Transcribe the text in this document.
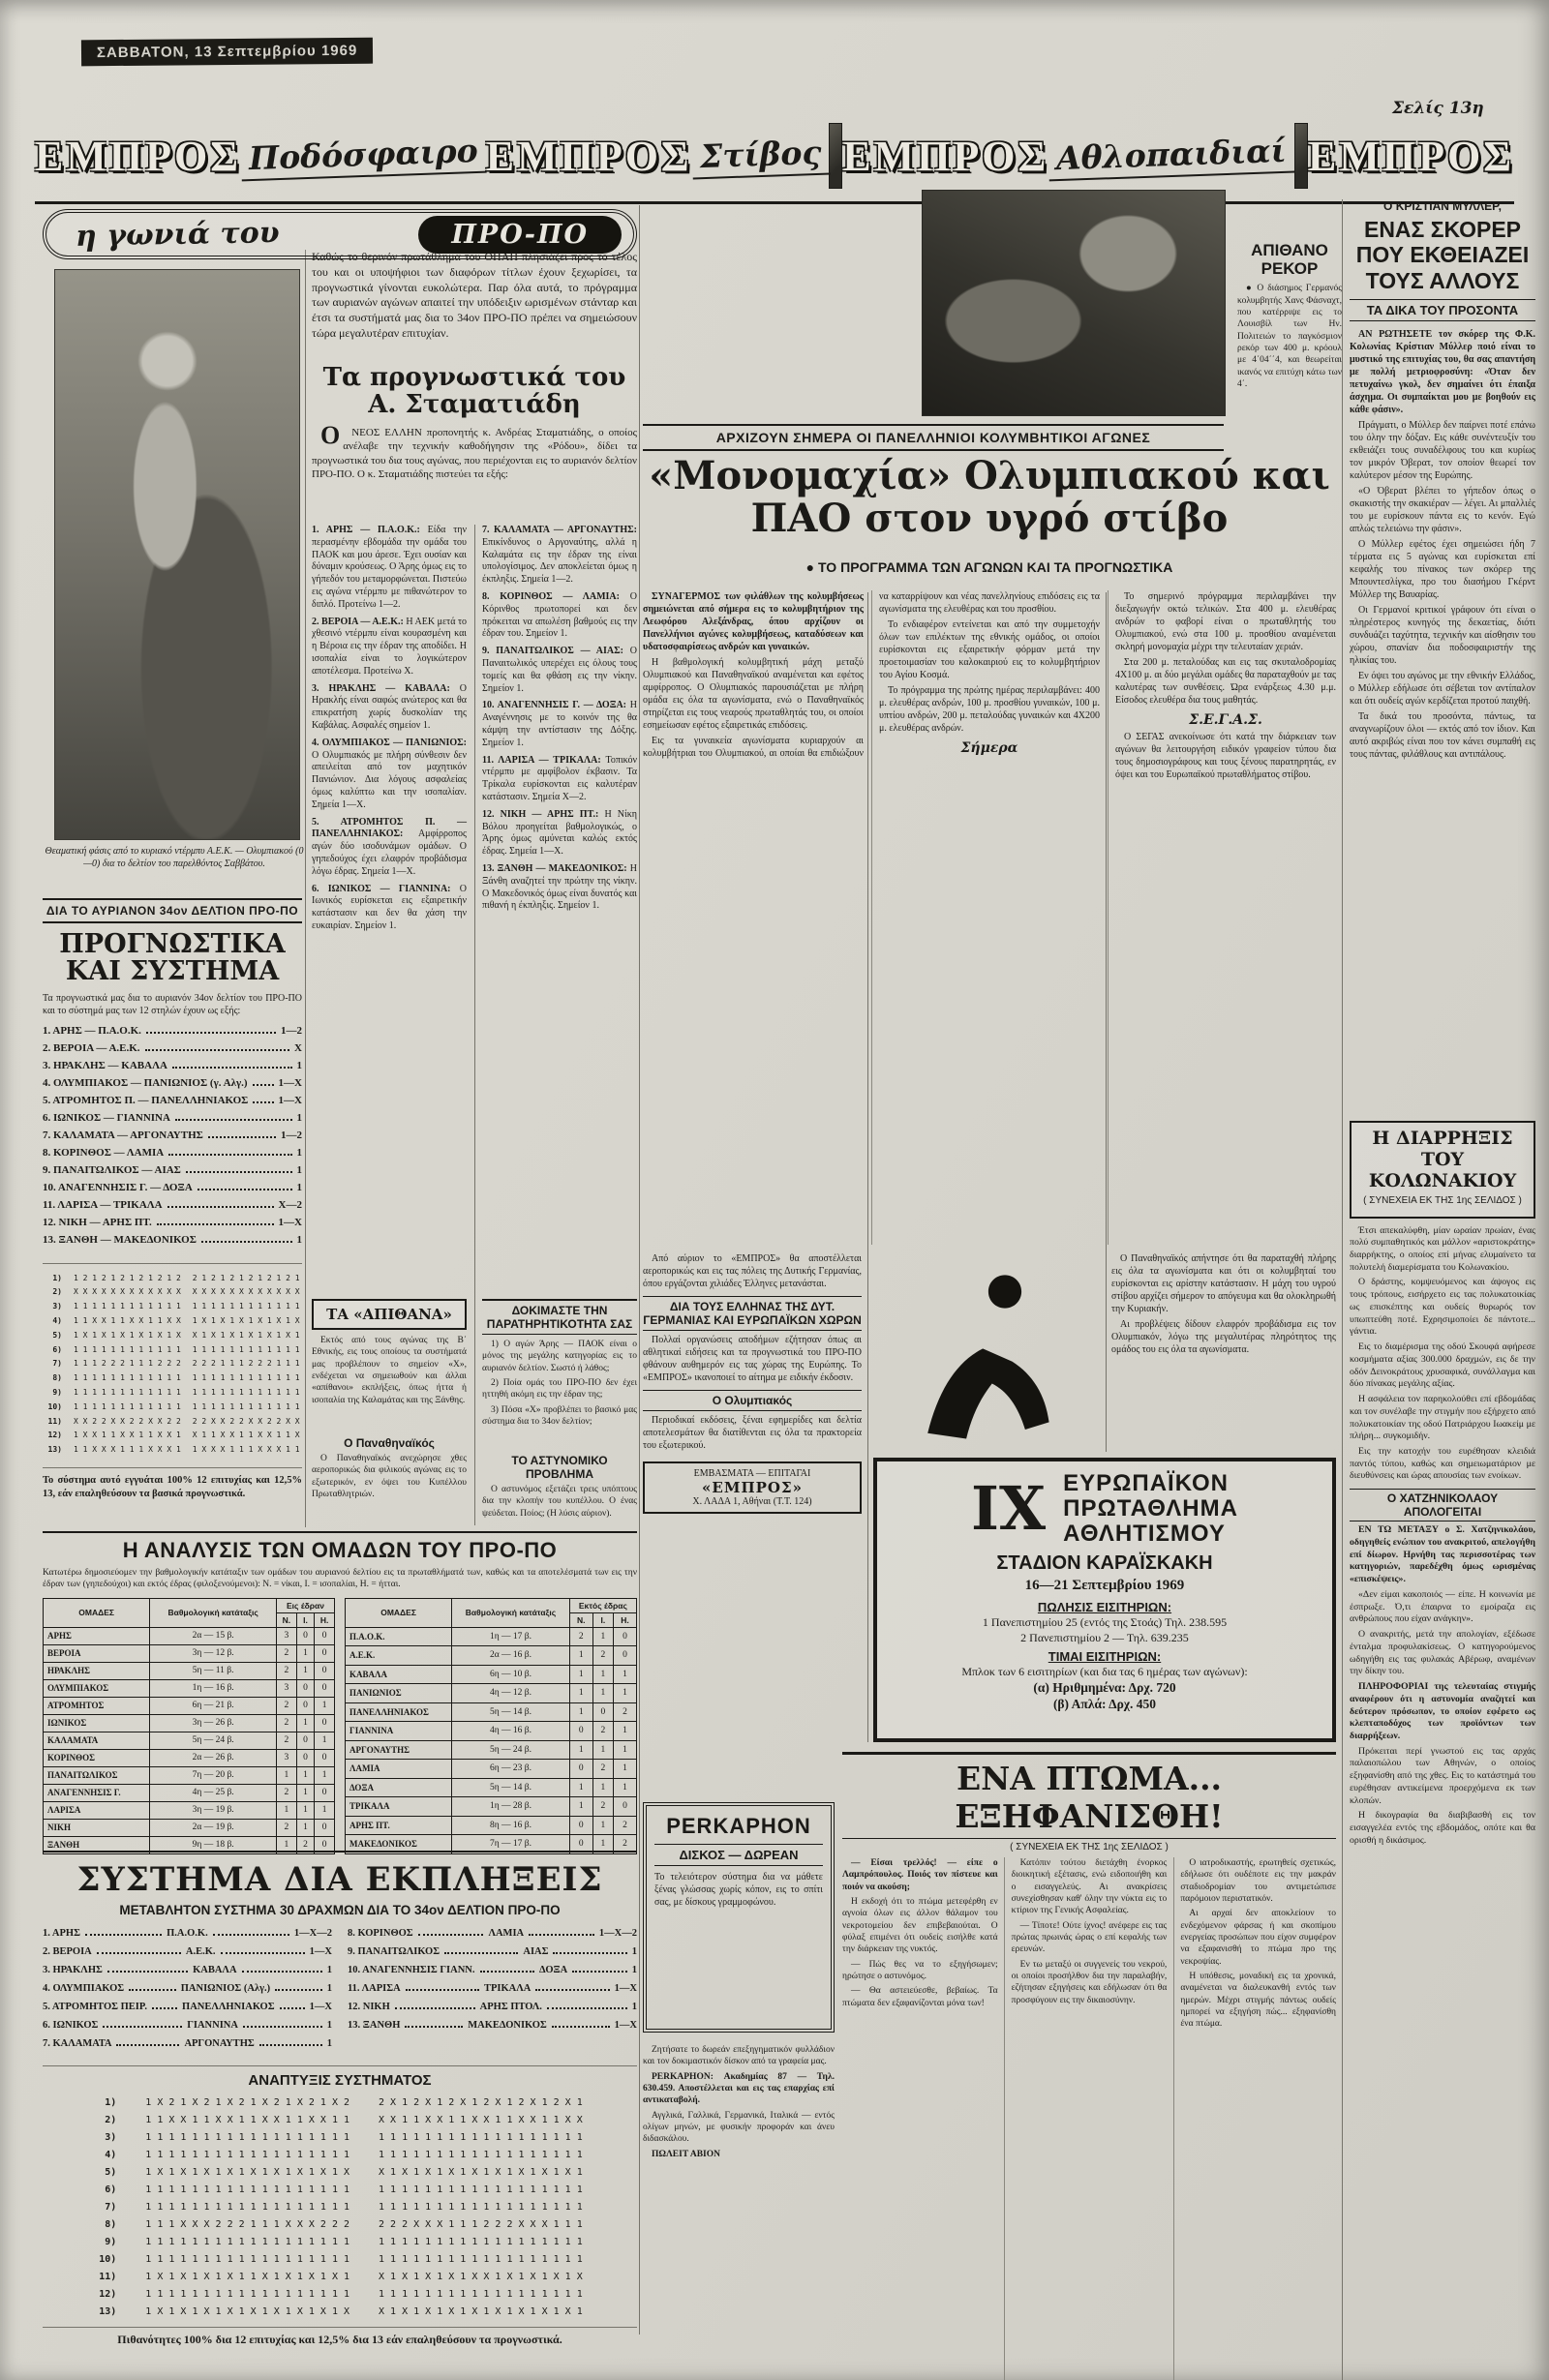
ΣΑΒΒΑΤΟΝ, 13 Σεπτεμβρίου 1969
Σελίς 13η
ΕΜΠΡΟΣ Ποδόσφαιρο ΕΜΠΡΟΣ Στίβος ΕΜΠΡΟΣ Αθλοπαιδιαί ΕΜΠΡΟΣ
η γωνιά του	ΠΡΟ-ΠΟ
Θεαματική φάσις από το κυριακό ντέρμπυ Α.Ε.Κ. — Ολυμπιακού (0—0) δια το δελτίον του παρελθόντος Σαββάτου.
Καθώς το θερινόν πρωτάθλημα του ΟΠΑΠ πλησιάζει προς το τέλος του και οι υποψήφιοι των διαφόρων τίτλων έχουν ξεχωρίσει, τα προγνωστικά γίνονται ευκολώτερα. Παρ όλα αυτά, το πρόγραμμα των αυριανών αγώνων απαιτεί την υπόδειξιν ωρισμένων στάνταρ και έτσι τα συστήματά μας δια το 34ον ΠΡΟ-ΠΟ πρέπει να σημειώσουν τώρα μεγαλυτέραν επιτυχίαν.
Τα προγνωστικά του Α. Σταματιάδη

ΟΝΕΟΣ ΕΛΛΗΝ προπονητής κ. Ανδρέας Σταματιάδης, ο οποίος ανέλαβε την τεχνικήν καθοδήγησιν της «Ρόδου», δίδει τα προγνωστικά του δια τους αγώνας, που περιέχονται εις το αυριανόν δελτίον ΠΡΟ-ΠΟ. Ο κ. Σταματιάδης πιστεύει τα εξής:

1. ΑΡΗΣ — Π.Α.Ο.Κ.: Είδα την περασμένην εβδομάδα την ομάδα του ΠΑΟΚ και μου άρεσε. Έχει ουσίαν και δύναμιν κρούσεως. Ο Άρης όμως εις το γήπεδόν του μεταμορφώνεται. Πιστεύω εις αγώνα ντέρμπυ με πιθανώτερον το διπλό. Προτείνω 1—2.

2. ΒΕΡΟΙΑ — Α.Ε.Κ.: Η ΑΕΚ μετά το χθεσινό ντέρμπυ είναι κουρασμένη και η Βέροια εις την έδραν της αποδίδει. Η ισοπαλία είναι το λογικώτερον αποτέλεσμα. Προτείνω Χ.

3. ΗΡΑΚΛΗΣ — ΚΑΒΑΛΑ: Ο Ηρακλής είναι σαφώς ανώτερος και θα επικρατήση χωρίς δυσκολίαν της Καβάλας. Ασφαλές σημείον 1.

4. ΟΛΥΜΠΙΑΚΟΣ — ΠΑΝΙΩΝΙΟΣ: Ο Ολυμπιακός με πλήρη σύνθεσιν δεν απειλείται από τον μαχητικόν Πανιώνιον. Δια λόγους ασφαλείας όμως καλύπτω και την ισοπαλίαν. Σημεία 1—Χ.

5. ΑΤΡΟΜΗΤΟΣ Π. — ΠΑΝΕΛΛΗΝΙΑΚΟΣ: Αμφίρροπος αγών δύο ισοδυνάμων ομάδων. Ο γηπεδούχος έχει ελαφρόν προβάδισμα λόγω έδρας. Σημεία 1—Χ.

6. ΙΩΝΙΚΟΣ — ΓΙΑΝΝΙΝΑ: Ο Ιωνικός ευρίσκεται εις εξαιρετικήν κατάστασιν και δεν θα χάση την ευκαιρίαν. Σημείον 1.

7. ΚΑΛΑΜΑΤΑ — ΑΡΓΟΝΑΥΤΗΣ: Επικίνδυνος ο Αργοναύτης, αλλά η Καλαμάτα εις την έδραν της είναι υπολογίσιμος. Δεν αποκλείεται όμως η έκπληξις. Σημεία 1—2.

8. ΚΟΡΙΝΘΟΣ — ΛΑΜΙΑ: Ο Κόρινθος πρωτοπορεί και δεν πρόκειται να απωλέση βαθμούς εις την έδραν του. Σημείον 1.

9. ΠΑΝΑΙΤΩΛΙΚΟΣ — ΑΙΑΣ: Ο Παναιτωλικός υπερέχει εις όλους τους τομείς και θα φθάση εις την νίκην. Σημείον 1.

10. ΑΝΑΓΕΝΝΗΣΙΣ Γ. — ΔΟΞΑ: Η Αναγέννησις με το κοινόν της θα κάμψη την αντίστασιν της Δόξης. Σημείον 1.

11. ΛΑΡΙΣΑ — ΤΡΙΚΑΛΑ: Τοπικόν ντέρμπυ με αμφίβολον έκβασιν. Τα Τρίκαλα ευρίσκονται εις καλυτέραν κατάστασιν. Σημεία Χ—2.

12. ΝΙΚΗ — ΑΡΗΣ ΠΤ.: Η Νίκη Βόλου προηγείται βαθμολογικώς, ο Άρης όμως αμύνεται καλώς εκτός έδρας. Σημεία 1—Χ.

13. ΞΑΝΘΗ — ΜΑΚΕΔΟΝΙΚΟΣ: Η Ξάνθη αναζητεί την πρώτην της νίκην. Ο Μακεδονικός όμως είναι δυνατός και πιθανή η έκπληξις. Σημείον 1.

ΔΙΑ ΤΟ ΑΥΡΙΑΝΟΝ 34ον ΔΕΛΤΙΟΝ ΠΡΟ-ΠΟ
ΠΡΟΓΝΩΣΤΙΚΑ ΚΑΙ ΣΥΣΤΗΜΑ

Τα προγνωστικά μας δια το αυριανόν 34ον δελτίον του ΠΡΟ-ΠΟ και το σύστημά μας των 12 στηλών έχουν ως εξής:

1. ΑΡΗΣ — Π.Α.Ο.Κ.	1—2
2. ΒΕΡΟΙΑ — Α.Ε.Κ.	Χ
3. ΗΡΑΚΛΗΣ — ΚΑΒΑΛΑ	1
4. ΟΛΥΜΠΙΑΚΟΣ — ΠΑΝΙΩΝΙΟΣ (γ. Αλγ.)	1—Χ
5. ΑΤΡΟΜΗΤΟΣ Π. — ΠΑΝΕΛΛΗΝΙΑΚΟΣ	1—Χ
6. ΙΩΝΙΚΟΣ — ΓΙΑΝΝΙΝΑ	1
7. ΚΑΛΑΜΑΤΑ — ΑΡΓΟΝΑΥΤΗΣ	1—2
8. ΚΟΡΙΝΘΟΣ — ΛΑΜΙΑ	1
9. ΠΑΝΑΙΤΩΛΙΚΟΣ — ΑΙΑΣ	1
10. ΑΝΑΓΕΝΝΗΣΙΣ Γ. — ΔΟΞΑ	1
11. ΛΑΡΙΣΑ — ΤΡΙΚΑΛΑ	Χ—2
12. ΝΙΚΗ — ΑΡΗΣ ΠΤ.	1—Χ
13. ΞΑΝΘΗ — ΜΑΚΕΔΟΝΙΚΟΣ	1
1) 1 2 1 2 1 2 1 2 1 2 1 2 2 1 2 1 2 1 2 1 2 1 2 1
2) Χ Χ Χ Χ Χ Χ Χ Χ Χ Χ Χ Χ Χ Χ Χ Χ Χ Χ Χ Χ Χ Χ Χ Χ
3) 1 1 1 1 1 1 1 1 1 1 1 1 1 1 1 1 1 1 1 1 1 1 1 1
4) 1 1 Χ Χ 1 1 Χ Χ 1 1 Χ Χ 1 Χ 1 Χ 1 Χ 1 Χ 1 Χ 1 Χ
5) 1 Χ 1 Χ 1 Χ 1 Χ 1 Χ 1 Χ Χ 1 Χ 1 Χ 1 Χ 1 Χ 1 Χ 1
6) 1 1 1 1 1 1 1 1 1 1 1 1 1 1 1 1 1 1 1 1 1 1 1 1
7) 1 1 1 2 2 2 1 1 1 2 2 2 2 2 2 1 1 1 2 2 2 1 1 1
8) 1 1 1 1 1 1 1 1 1 1 1 1 1 1 1 1 1 1 1 1 1 1 1 1
9) 1 1 1 1 1 1 1 1 1 1 1 1 1 1 1 1 1 1 1 1 1 1 1 1
10) 1 1 1 1 1 1 1 1 1 1 1 1 1 1 1 1 1 1 1 1 1 1 1 1
11) Χ Χ 2 2 Χ Χ 2 2 Χ Χ 2 2 2 2 Χ Χ 2 2 Χ Χ 2 2 Χ Χ
12) 1 Χ Χ 1 1 Χ Χ 1 1 Χ Χ 1 Χ 1 1 Χ Χ 1 1 Χ Χ 1 1 Χ
13) 1 1 Χ Χ Χ 1 1 1 Χ Χ Χ 1 1 Χ Χ Χ 1 1 1 Χ Χ Χ 1 1

Το σύστημα αυτό εγγυάται 100% 12 επιτυχίας και 12,5% 13, εάν επαληθεύσουν τα βασικά προγνωστικά.

ΤΑ «ΑΠΙΘΑΝΑ»

Εκτός από τους αγώνας της Β΄ Εθνικής, εις τους οποίους τα συστήματά μας προβλέπουν το σημείον «Χ», ενδέχεται να σημειωθούν και άλλαι «απίθανοι» εκπλήξεις, όπως ήττα ή ισοπαλία της Καλαμάτας και της Ξάνθης.

Ο Παναθηναϊκός

Ο Παναθηναϊκός ανεχώρησε χθες αεροπορικώς δια φιλικούς αγώνας εις το εξωτερικόν, εν όψει του Κυπέλλου Πρωταθλητριών.

ΔΟΚΙΜΑΣΤΕ ΤΗΝ ΠΑΡΑΤΗΡΗΤΙΚΟΤΗΤΑ ΣΑΣ

1) Ο αγών Άρης — ΠΑΟΚ είναι ο μόνος της μεγάλης κατηγορίας εις το αυριανόν δελτίον. Σωστό ή λάθος;

2) Ποία ομάς του ΠΡΟ-ΠΟ δεν έχει ηττηθή ακόμη εις την έδραν της;

3) Πόσα «Χ» προβλέπει το βασικό μας σύστημα δια το 34ον δελτίον;

ΤΟ ΑΣΤΥΝΟΜΙΚΟ ΠΡΟΒΛΗΜΑ

Ο αστυνόμος εξετάζει τρεις υπόπτους δια την κλοπήν του κυπέλλου. Ο ένας ψεύδεται. Ποίος; (Η λύσις αύριον).

Η ΑΝΑΛΥΣΙΣ ΤΩΝ ΟΜΑΔΩΝ ΤΟΥ ΠΡΟ-ΠΟ

Κατωτέρω δημοσιεύομεν την βαθμολογικήν κατάταξιν των ομάδων του αυριανού δελτίου εις τα πρωταθλήματά των, καθώς και τα αποτελέσματά των εις την έδραν των (γηπεδούχοι) και εκτός έδρας (φιλοξενούμενοι): Ν. = νίκαι, Ι. = ισοπαλίαι, Η. = ήτται.

ΟΜΑΔΕΣ	Βαθμολογική κατάταξις	Εις έδραν		
		Ν.	Ι.	Η.
ΑΡΗΣ	2α — 15 β.	3	0	0
ΒΕΡΟΙΑ	3η — 12 β.	2	1	0
ΗΡΑΚΛΗΣ	5η — 11 β.	2	1	0
ΟΛΥΜΠΙΑΚΟΣ	1η — 16 β.	3	0	0
ΑΤΡΟΜΗΤΟΣ	6η — 21 β.	2	0	1
ΙΩΝΙΚΟΣ	3η — 26 β.	2	1	0
ΚΑΛΑΜΑΤΑ	5η — 24 β.	2	0	1
ΚΟΡΙΝΘΟΣ	2α — 26 β.	3	0	0
ΠΑΝΑΙΤΩΛΙΚΟΣ	7η — 20 β.	1	1	1
ΑΝΑΓΕΝΝΗΣΙΣ Γ.	4η — 25 β.	2	1	0
ΛΑΡΙΣΑ	3η — 19 β.	1	1	1
ΝΙΚΗ	2α — 19 β.	2	1	0
ΞΑΝΘΗ	9η — 18 β.	1	2	0
ΟΜΑΔΕΣ	Βαθμολογική κατάταξις	Εκτός έδρας		
		Ν.	Ι.	Η.
Π.Α.Ο.Κ.	1η — 17 β.	2	1	0
Α.Ε.Κ.	2α — 16 β.	1	2	0
ΚΑΒΑΛΑ	6η — 10 β.	1	1	1
ΠΑΝΙΩΝΙΟΣ	4η — 12 β.	1	1	1
ΠΑΝΕΛΛΗΝΙΑΚΟΣ	5η — 14 β.	1	0	2
ΓΙΑΝΝΙΝΑ	4η — 16 β.	0	2	1
ΑΡΓΟΝΑΥΤΗΣ	5η — 24 β.	1	1	1
ΛΑΜΙΑ	6η — 23 β.	0	2	1
ΔΟΞΑ	5η — 14 β.	1	1	1
ΤΡΙΚΑΛΑ	1η — 28 β.	1	2	0
ΑΡΗΣ ΠΤ.	8η — 16 β.	0	1	2
ΜΑΚΕΔΟΝΙΚΟΣ	7η — 17 β.	0	1	2
ΣΥΣΤΗΜΑ ΔΙΑ ΕΚΠΛΗΞΕΙΣ
ΜΕΤΑΒΛΗΤΟΝ ΣΥΣΤΗΜΑ 30 ΔΡΑΧΜΩΝ ΔΙΑ ΤΟ 34ον ΔΕΛΤΙΟΝ ΠΡΟ-ΠΟ
1. ΑΡΗΣ	Π.Α.Ο.Κ.	1—Χ—2
2. ΒΕΡΟΙΑ	Α.Ε.Κ.	1—Χ
3. ΗΡΑΚΛΗΣ	ΚΑΒΑΛΑ	1
4. ΟΛΥΜΠΙΑΚΟΣ	ΠΑΝΙΩΝΙΟΣ (Αλγ.)	1
5. ΑΤΡΟΜΗΤΟΣ ΠΕΙΡ.	ΠΑΝΕΛΛΗΝΙΑΚΟΣ	1—Χ
6. ΙΩΝΙΚΟΣ	ΓΙΑΝΝΙΝΑ	1
7. ΚΑΛΑΜΑΤΑ	ΑΡΓΟΝΑΥΤΗΣ	1
8. ΚΟΡΙΝΘΟΣ	ΛΑΜΙΑ	1—Χ—2
9. ΠΑΝΑΙΤΩΛΙΚΟΣ	ΑΙΑΣ	1
10. ΑΝΑΓΕΝΝΗΣΙΣ ΓΙΑΝΝ.	ΔΟΞΑ	1
11. ΛΑΡΙΣΑ	ΤΡΙΚΑΛΑ	1—Χ
12. ΝΙΚΗ	ΑΡΗΣ ΠΤΟΛ.	1
13. ΞΑΝΘΗ	ΜΑΚΕΔΟΝΙΚΟΣ	1—Χ
ΑΝΑΠΤΥΞΙΣ ΣΥΣΤΗΜΑΤΟΣ
1)	1 Χ 2 1 Χ 2 1 Χ 2 1 Χ 2 1 Χ 2 1 Χ 2	2 Χ 1 2 Χ 1 2 Χ 1 2 Χ 1 2 Χ 1 2 Χ 1
2)	1 1 Χ Χ 1 1 Χ Χ 1 1 Χ Χ 1 1 Χ Χ 1 1	Χ Χ 1 1 Χ Χ 1 1 Χ Χ 1 1 Χ Χ 1 1 Χ Χ
3)	1 1 1 1 1 1 1 1 1 1 1 1 1 1 1 1 1 1	1 1 1 1 1 1 1 1 1 1 1 1 1 1 1 1 1 1
4)	1 1 1 1 1 1 1 1 1 1 1 1 1 1 1 1 1 1	1 1 1 1 1 1 1 1 1 1 1 1 1 1 1 1 1 1
5)	1 Χ 1 Χ 1 Χ 1 Χ 1 Χ 1 Χ 1 Χ 1 Χ 1 Χ	Χ 1 Χ 1 Χ 1 Χ 1 Χ 1 Χ 1 Χ 1 Χ 1 Χ 1
6)	1 1 1 1 1 1 1 1 1 1 1 1 1 1 1 1 1 1	1 1 1 1 1 1 1 1 1 1 1 1 1 1 1 1 1 1
7)	1 1 1 1 1 1 1 1 1 1 1 1 1 1 1 1 1 1	1 1 1 1 1 1 1 1 1 1 1 1 1 1 1 1 1 1
8)	1 1 1 Χ Χ Χ 2 2 2 1 1 1 Χ Χ Χ 2 2 2	2 2 2 Χ Χ Χ 1 1 1 2 2 2 Χ Χ Χ 1 1 1
9)	1 1 1 1 1 1 1 1 1 1 1 1 1 1 1 1 1 1	1 1 1 1 1 1 1 1 1 1 1 1 1 1 1 1 1 1
10)	1 1 1 1 1 1 1 1 1 1 1 1 1 1 1 1 1 1	1 1 1 1 1 1 1 1 1 1 1 1 1 1 1 1 1 1
11)	1 Χ 1 Χ 1 Χ 1 Χ 1 1 Χ 1 Χ 1 Χ 1 Χ 1	Χ 1 Χ 1 Χ 1 Χ 1 Χ Χ 1 Χ 1 Χ 1 Χ 1 Χ
12)	1 1 1 1 1 1 1 1 1 1 1 1 1 1 1 1 1 1	1 1 1 1 1 1 1 1 1 1 1 1 1 1 1 1 1 1
13)	1 Χ 1 Χ 1 Χ 1 Χ 1 Χ 1 Χ 1 Χ 1 Χ 1 Χ	Χ 1 Χ 1 Χ 1 Χ 1 Χ 1 Χ 1 Χ 1 Χ 1 Χ 1
Πιθανότητες 100% δια 12 επιτυχίας και 12,5% δια 13 εάν επαληθεύσουν τα προγνωστικά.
ΑΠΙΘΑΝΟ ΡΕΚΟΡ

● Ο διάσημος Γερμανός κολυμβητής Χανς Φάσναχτ, που κατέρριψε εις το Λουισβίλ των Ην. Πολιτειών το παγκόσμιον ρεκόρ των 400 μ. κρόουλ με 4΄04΄΄4, και θεωρείται ικανός να επιτύχη κάτω των 4΄.

ΑΡΧΙΖΟΥΝ ΣΗΜΕΡΑ ΟΙ ΠΑΝΕΛΛΗΝΙΟΙ ΚΟΛΥΜΒΗΤΙΚΟΙ ΑΓΩΝΕΣ
«Μονομαχία» Ολυμπιακού και ΠΑΟ στον υγρό στίβο
● ΤΟ ΠΡΟΓΡΑΜΜΑ ΤΩΝ ΑΓΩΝΩΝ ΚΑΙ ΤΑ ΠΡΟΓΝΩΣΤΙΚΑ

ΣΥΝΑΓΕΡΜΟΣ των φιλάθλων της κολυμβήσεως σημειώνεται από σήμερα εις το κολυμβητήριον της Λεωφόρου Αλεξάνδρας, όπου αρχίζουν οι Πανελλήνιοι αγώνες κολυμβήσεως, καταδύσεων και υδατοσφαιρίσεως ανδρών και γυναικών.

Η βαθμολογική κολυμβητική μάχη μεταξύ Ολυμπιακού και Παναθηναϊκού αναμένεται και εφέτος αμφίρροπος. Ο Ολυμπιακός παρουσιάζεται με πλήρη ομάδα εις όλα τα αγωνίσματα, ενώ ο Παναθηναϊκός στηρίζεται εις τους νεαρούς πρωταθλητάς του, οι οποίοι εσημείωσαν εφέτος εξαιρετικάς επιδόσεις.

Εις τα γυναικεία αγωνίσματα κυριαρχούν αι κολυμβήτριαι του Ολυμπιακού, αι οποίαι θα επιδιώξουν να καταρρίψουν και νέας πανελληνίους επιδόσεις εις τα αγωνίσματα της ελευθέρας και του προσθίου.

Το ενδιαφέρον εντείνεται και από την συμμετοχήν όλων των επιλέκτων της εθνικής ομάδος, οι οποίοι ευρίσκονται εις εξαιρετικήν φόρμαν μετά την προετοιμασίαν του καλοκαιριού εις το κολυμβητήριον του Αγίου Κοσμά.

Το πρόγραμμα της πρώτης ημέρας περιλαμβάνει: 400 μ. ελευθέρας ανδρών, 100 μ. προσθίου γυναικών, 100 μ. υπτίου ανδρών, 200 μ. πεταλούδας γυναικών και 4Χ200 μ. ελευθέρας ανδρών.

Σήμερα

Το σημερινό πρόγραμμα περιλαμβάνει την διεξαγωγήν οκτώ τελικών. Στα 400 μ. ελευθέρας ανδρών το φαβορί είναι ο πρωταθλητής του Ολυμπιακού, ενώ στα 100 μ. προσθίου αναμένεται σκληρή μονομαχία μέχρι την τελευταίαν χεριάν.

Στα 200 μ. πεταλούδας και εις τας σκυταλοδρομίας 4Χ100 μ. αι δύο μεγάλαι ομάδες θα παραταχθούν με τας καλυτέρας των συνθέσεις. Ώρα ενάρξεως 4.30 μ.μ. Είσοδος ελευθέρα δια τους μαθητάς.

Σ.Ε.Γ.Α.Σ.

Ο ΣΕΓΑΣ ανεκοίνωσε ότι κατά την διάρκειαν των αγώνων θα λειτουργήση ειδικόν γραφείον τύπου δια τους δημοσιογράφους και τους ξένους παρατηρητάς, εν όψει και του Ευρωπαϊκού πρωταθλήματος στίβου.

Από αύριον το «ΕΜΠΡΟΣ» θα αποστέλλεται αεροπορικώς και εις τας πόλεις της Δυτικής Γερμανίας, όπου εργάζονται χιλιάδες Έλληνες μετανάσται.

ΔΙΑ ΤΟΥΣ ΕΛΛΗΝΑΣ ΤΗΣ ΔΥΤ. ΓΕΡΜΑΝΙΑΣ ΚΑΙ ΕΥΡΩΠΑΪΚΩΝ ΧΩΡΩΝ

Πολλαί οργανώσεις αποδήμων εζήτησαν όπως αι αθλητικαί ειδήσεις και τα προγνωστικά του ΠΡΟ-ΠΟ φθάνουν αυθημερόν εις τας χώρας της Ευρώπης. Το «ΕΜΠΡΟΣ» ικανοποιεί το αίτημα με ειδικήν έκδοσιν.

Ο Ολυμπιακός

Περιοδικαί εκδόσεις, ξέναι εφημερίδες και δελτία αποτελεσμάτων θα διατίθενται εις όλα τα πρακτορεία του εξωτερικού.

ΕΜΒΑΣΜΑΤΑ — ΕΠΙΤΑΓΑΙ
«ΕΜΠΡΟΣ»
Χ. ΛΑΔΑ 1, Αθήναι (Τ.Τ. 124)

Ο Παναθηναϊκός απήντησε ότι θα παραταχθή πλήρης εις όλα τα αγωνίσματα και ότι οι κολυμβηταί του ευρίσκονται εις αρίστην κατάστασιν. Η μάχη του υγρού στίβου αρχίζει σήμερον το απόγευμα και θα ολοκληρωθή την Κυριακήν.

Αι προβλέψεις δίδουν ελαφρόν προβάδισμα εις τον Ολυμπιακόν, λόγω της μεγαλυτέρας πληρότητος της ομάδος του εις όλα τα αγωνίσματα.

IX ΕΥΡΩΠΑΪΚΟΝ
ΠΡΩΤΑΘΛΗΜΑ
ΑΘΛΗΤΙΣΜΟΥ
ΣΤΑΔΙΟΝ ΚΑΡΑΪΣΚΑΚΗ
16—21 Σεπτεμβρίου 1969
ΠΩΛΗΣΙΣ ΕΙΣΙΤΗΡΙΩΝ:
1 Πανεπιστημίου 25 (εντός της Στοάς) Τηλ. 238.595
2 Πανεπιστημίου 2 — Τηλ. 639.235
ΤΙΜΑΙ ΕΙΣΙΤΗΡΙΩΝ:
Μπλοκ των 6 εισιτηρίων (και δια τας 6 ημέρας των αγώνων):
(α) Ηριθμημένα: Δρχ. 720
(β) Απλά: Δρχ. 450
ΕΝΑ ΠΤΩΜΑ... ΕΞΗΦΑΝΙΣΘΗ!
( ΣΥΝΕΧΕΙΑ ΕΚ ΤΗΣ 1ης ΣΕΛΙΔΟΣ )

— Είσαι τρελλός! — είπε ο Λαμπρόπουλος. Ποιός τον πίστευε και ποιόν να ακούση;

Η εκδοχή ότι το πτώμα μετεφέρθη εν αγνοία όλων εις άλλον θάλαμον του νεκροτομείου δεν επιβεβαιούται. Ο φύλαξ επιμένει ότι ουδείς εισήλθε κατά την διάρκειαν της νυκτός.

— Πώς θες να το εξηγήσωμεν; ηρώτησε ο αστυνόμος.

— Θα αστειεύεσθε, βεβαίως. Τα πτώματα δεν εξαφανίζονται μόνα των!

Κατόπιν τούτου διετάχθη ένορκος διοικητική εξέτασις, ενώ ειδοποιήθη και ο εισαγγελεύς. Αι ανακρίσεις συνεχίσθησαν καθ' όλην την νύκτα εις το κτίριον της Γενικής Ασφαλείας.

— Τίποτε! Ούτε ίχνος! ανέφερε εις τας πρώτας πρωινάς ώρας ο επί κεφαλής των ερευνών.

Εν τω μεταξύ οι συγγενείς του νεκρού, οι οποίοι προσήλθον δια την παραλαβήν, εζήτησαν εξηγήσεις και εδήλωσαν ότι θα προσφύγουν εις την δικαιοσύνην.

Ο ιατροδικαστής, ερωτηθείς σχετικώς, εδήλωσε ότι ουδέποτε εις την μακράν σταδιοδρομίαν του αντιμετώπισε παρόμοιον περιστατικόν.

Αι αρχαί δεν αποκλείουν το ενδεχόμενον φάρσας ή και σκοπίμου ενεργείας προσώπων που είχον συμφέρον να εξαφανισθή το πτώμα προ της νεκροψίας.

Η υπόθεσις, μοναδική εις τα χρονικά, αναμένεται να διαλευκανθή εντός των ημερών. Μέχρι στιγμής πάντως ουδείς ημπορεί να εξηγήση πώς... εξηφανίσθη ένα πτώμα.

PERKAPHON
ΔΙΣΚΟΣ — ΔΩΡΕΑΝ

Το τελειότερον σύστημα δια να μάθετε ξένας γλώσσας χωρίς κόπον, εις το σπίτι σας, με δίσκους γραμμοφώνου.

Ζητήσατε το δωρεάν επεξηγηματικόν φυλλάδιον και τον δοκιμαστικόν δίσκον από τα γραφεία μας.

PERKAPHON: Ακαδημίας 87 — Τηλ. 630.459. Αποστέλλεται και εις τας επαρχίας επί αντικαταβολή.

Αγγλικά, Γαλλικά, Γερμανικά, Ιταλικά — εντός ολίγων μηνών, με φυσικήν προφοράν και άνευ διδασκάλου.

ΠΩΛΕΙΤ ΑΒΙΟΝ

Ο ΚΡΙΣΤΙΑΝ ΜΥΛΛΕΡ,
ΕΝΑΣ ΣΚΟΡΕΡ ΠΟΥ ΕΚΘΕΙΑΖΕΙ ΤΟΥΣ ΑΛΛΟΥΣ
ΤΑ ΔΙΚΑ ΤΟΥ ΠΡΟΣΟΝΤΑ

ΑΝ ΡΩΤΗΣΕΤΕ τον σκόρερ της Φ.Κ. Κολωνίας Κρίστιαν Μύλλερ ποιό είναι το μυστικό της επιτυχίας του, θα σας απαντήση με πολλή μετριοφροσύνη: «Όταν δεν πετυχαίνω γκολ, δεν σημαίνει ότι έπαιξα άσχημα. Οι συμπαίκται μου με βοηθούν εις κάθε φάσιν».

Πράγματι, ο Μύλλερ δεν παίρνει ποτέ επάνω του όλην την δόξαν. Εις κάθε συνέντευξίν του εκθειάζει τους συναδέλφους του και κυρίως τον μικρόν Όβερατ, τον οποίον θεωρεί τον καλύτερον μέσον της Ευρώπης.

«Ο Όβερατ βλέπει το γήπεδον όπως ο σκακιστής την σκακιέραν — λέγει. Αι μπαλλιές του με ευρίσκουν πάντα εις το κενόν. Εγώ απλώς τελειώνω την φάσιν».

Ο Μύλλερ εφέτος έχει σημειώσει ήδη 7 τέρματα εις 5 αγώνας και ευρίσκεται επί κεφαλής του πίνακος των σκόρερ της Μπουντεσλίγκα, προ του διασήμου Γκέρντ Μύλλερ της Βαυαρίας.

Οι Γερμανοί κριτικοί γράφουν ότι είναι ο πληρέστερος κυνηγός της δεκαετίας, διότι συνδυάζει ταχύτητα, τεχνικήν και αίσθησιν του χώρου, σπανίαν δια ποδοσφαιριστήν της ηλικίας του.

Εν όψει του αγώνος με την εθνικήν Ελλάδος, ο Μύλλερ εδήλωσε ότι σέβεται τον αντίπαλον και ότι ουδείς αγών κερδίζεται προτού παιχθή.

Τα δικά του προσόντα, πάντως, τα αναγνωρίζουν όλοι — εκτός από τον ίδιον. Και αυτό ακριβώς είναι που τον κάνει συμπαθή εις τους πάντας, φιλάθλους και αντιπάλους.

Η ΔΙΑΡΡΗΞΙΣ ΤΟΥ ΚΟΛΩΝΑΚΙΟΥ
( ΣΥΝΕΧΕΙΑ ΕΚ ΤΗΣ 1ης ΣΕΛΙΔΟΣ )

Έτσι απεκαλύφθη, μίαν ωραίαν πρωίαν, ένας πολύ συμπαθητικός και μάλλον «αριστοκράτης» διαρρήκτης, ο οποίος επί μήνας ελυμαίνετο τα πολυτελή διαμερίσματα του Κολωνακίου.

Ο δράστης, κομψευόμενος και άψογος εις τους τρόπους, εισήρχετο εις τας πολυκατοικίας ως επισκέπτης και ουδείς θυρωρός τον υπωπτεύθη ποτέ. Εχρησιμοποίει δε πάντοτε... γάντια.

Εις το διαμέρισμα της οδού Σκουφά αφήρεσε κοσμήματα αξίας 300.000 δραχμών, εις δε την οδόν Δεινοκράτους χρυσαφικά, συνάλλαγμα και δύο πίνακας μεγάλης αξίας.

Η ασφάλεια τον παρηκολούθει επί εβδομάδας και τον συνέλαβε την στιγμήν που εξήρχετο από πολυκατοικίαν της οδού Πατριάρχου Ιωακείμ με πλήρη... συγκομιδήν.

Εις την κατοχήν του ευρέθησαν κλειδιά παντός τύπου, καθώς και σημειωματάριον με διευθύνσεις και ώρας απουσίας των ενοίκων.

Ο ΧΑΤΖΗΝΙΚΟΛΑΟΥ ΑΠΟΛΟΓΕΙΤΑΙ

ΕΝ ΤΩ ΜΕΤΑΞΥ ο Σ. Χατζηνικολάου, οδηγηθείς ενώπιον του ανακριτού, απελογήθη επί δίωρον. Ηρνήθη τας περισσοτέρας των κατηγοριών, παρεδέχθη όμως ωρισμένας «επισκέψεις».

«Δεν είμαι κακοποιός — είπε. Η κοινωνία με έσπρωξε. Ό,τι έπαιρνα το εμοίραζα εις ανθρώπους που είχαν ανάγκην».

Ο ανακριτής, μετά την απολογίαν, εξέδωσε ένταλμα προφυλακίσεως. Ο κατηγορούμενος ωδηγήθη εις τας φυλακάς Αβέρωφ, αναμένων την δίκην του.

ΠΛΗΡΟΦΟΡΙΑΙ της τελευταίας στιγμής αναφέρουν ότι η αστυνομία αναζητεί και δεύτερον πρόσωπον, το οποίον εφέρετο ως κλεπταποδόχος των προϊόντων των διαρρήξεων.

Πρόκειται περί γνωστού εις τας αρχάς παλαιοπώλου των Αθηνών, ο οποίος εξηφανίσθη από της χθες. Εις το κατάστημά του ευρέθησαν αντικείμενα προερχόμενα εκ των κλοπών.

Η δικογραφία θα διαβιβασθή εις τον εισαγγελέα εντός της εβδομάδος, οπότε και θα ορισθή η δικάσιμος.
